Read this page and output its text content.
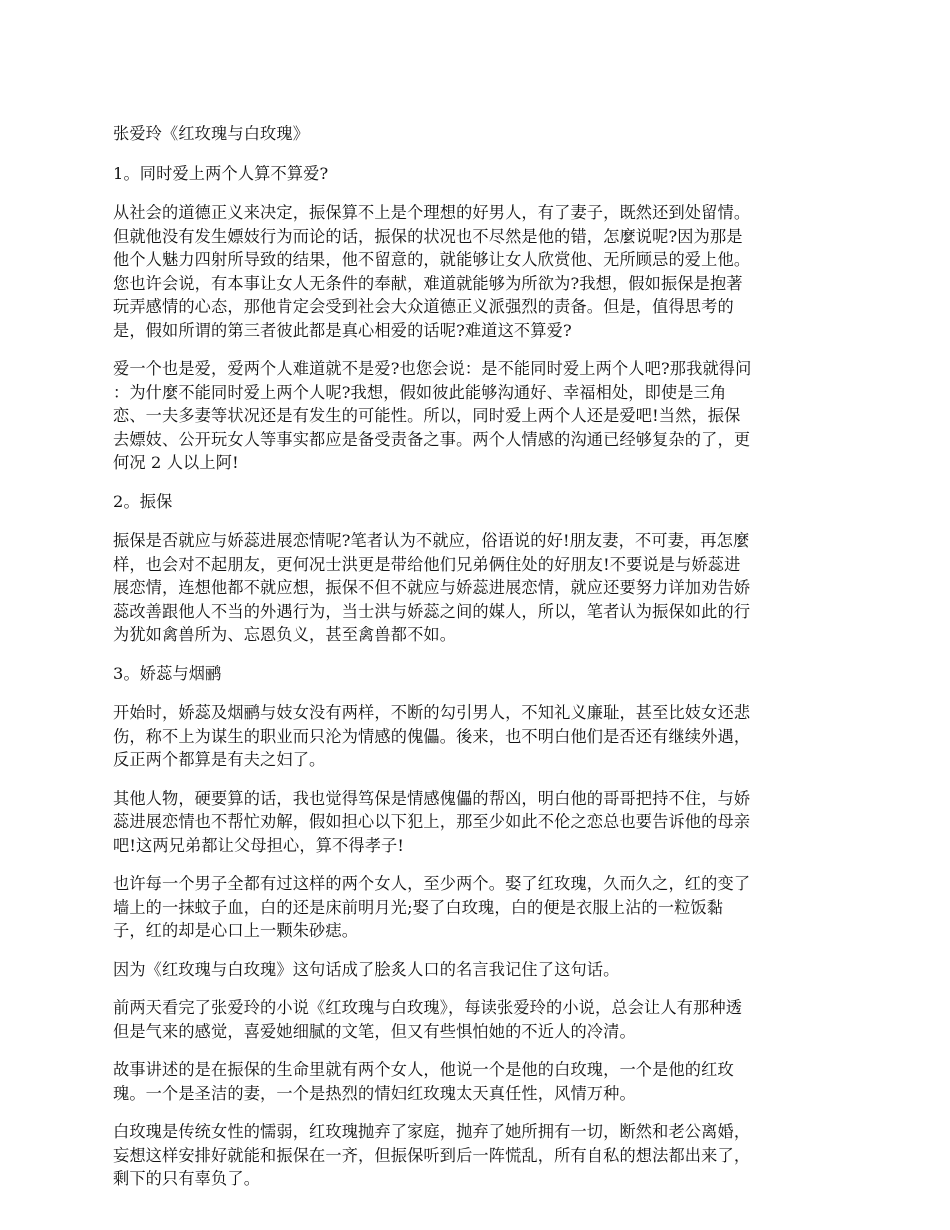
张爱玲《红玫瑰与白玫瑰》

1。同时爱上两个人算不算爱?

从社会的道德正义来决定，振保算不上是个理想的好男人，有了妻子，既然还到处留情。
但就他没有发生嫖妓行为而论的话，振保的状况也不尽然是他的错，怎麼说呢?因为那是
他个人魅力四射所导致的结果，他不留意的，就能够让女人欣赏他、无所顾忌的爱上他。
您也许会说，有本事让女人无条件的奉献，难道就能够为所欲为?我想，假如振保是抱著
玩弄感情的心态，那他肯定会受到社会大众道德正义派强烈的责备。但是，值得思考的
是，假如所谓的第三者彼此都是真心相爱的话呢?难道这不算爱?

爱一个也是爱，爱两个人难道就不是爱?也您会说：是不能同时爱上两个人吧?那我就得问
：为什麼不能同时爱上两个人呢?我想，假如彼此能够沟通好、幸福相处，即使是三角
恋、一夫多妻等状况还是有发生的可能性。所以，同时爱上两个人还是爱吧!当然，振保
去嫖妓、公开玩女人等事实都应是备受责备之事。两个人情感的沟通已经够复杂的了，更
何况 2 人以上阿!

2。振保

振保是否就应与娇蕊进展恋情呢?笔者认为不就应，俗语说的好!朋友妻，不可妻，再怎麼
样，也会对不起朋友，更何况士洪更是带给他们兄弟俩住处的好朋友!不要说是与娇蕊进
展恋情，连想他都不就应想，振保不但不就应与娇蕊进展恋情，就应还要努力详加劝告娇
蕊改善跟他人不当的外遇行为，当士洪与娇蕊之间的媒人，所以，笔者认为振保如此的行
为犹如禽兽所为、忘恩负义，甚至禽兽都不如。

3。娇蕊与烟鹂

开始时，娇蕊及烟鹂与妓女没有两样，不断的勾引男人，不知礼义廉耻，甚至比妓女还悲
伤，称不上为谋生的职业而只沦为情感的傀儡。後来，也不明白他们是否还有继续外遇，
反正两个都算是有夫之妇了。

其他人物，硬要算的话，我也觉得笃保是情感傀儡的帮凶，明白他的哥哥把持不住，与娇
蕊进展恋情也不帮忙劝解，假如担心以下犯上，那至少如此不伦之恋总也要告诉他的母亲
吧!这两兄弟都让父母担心，算不得孝子!

也许每一个男子全都有过这样的两个女人，至少两个。娶了红玫瑰，久而久之，红的变了
墙上的一抹蚊子血，白的还是床前明月光;娶了白玫瑰，白的便是衣服上沾的一粒饭黏
子，红的却是心口上一颗朱砂痣。

因为《红玫瑰与白玫瑰》这句话成了脍炙人口的名言我记住了这句话。

前两天看完了张爱玲的小说《红玫瑰与白玫瑰》，每读张爱玲的小说，总会让人有那种透
但是气来的感觉，喜爱她细腻的文笔，但又有些惧怕她的不近人的冷清。

故事讲述的是在振保的生命里就有两个女人，他说一个是他的白玫瑰，一个是他的红玫
瑰。一个是圣洁的妻，一个是热烈的情妇红玫瑰太天真任性，风情万种。

白玫瑰是传统女性的懦弱，红玫瑰抛弃了家庭，抛弃了她所拥有一切，断然和老公离婚，
妄想这样安排好就能和振保在一齐，但振保听到后一阵慌乱，所有自私的想法都出来了，
剩下的只有辜负了。
